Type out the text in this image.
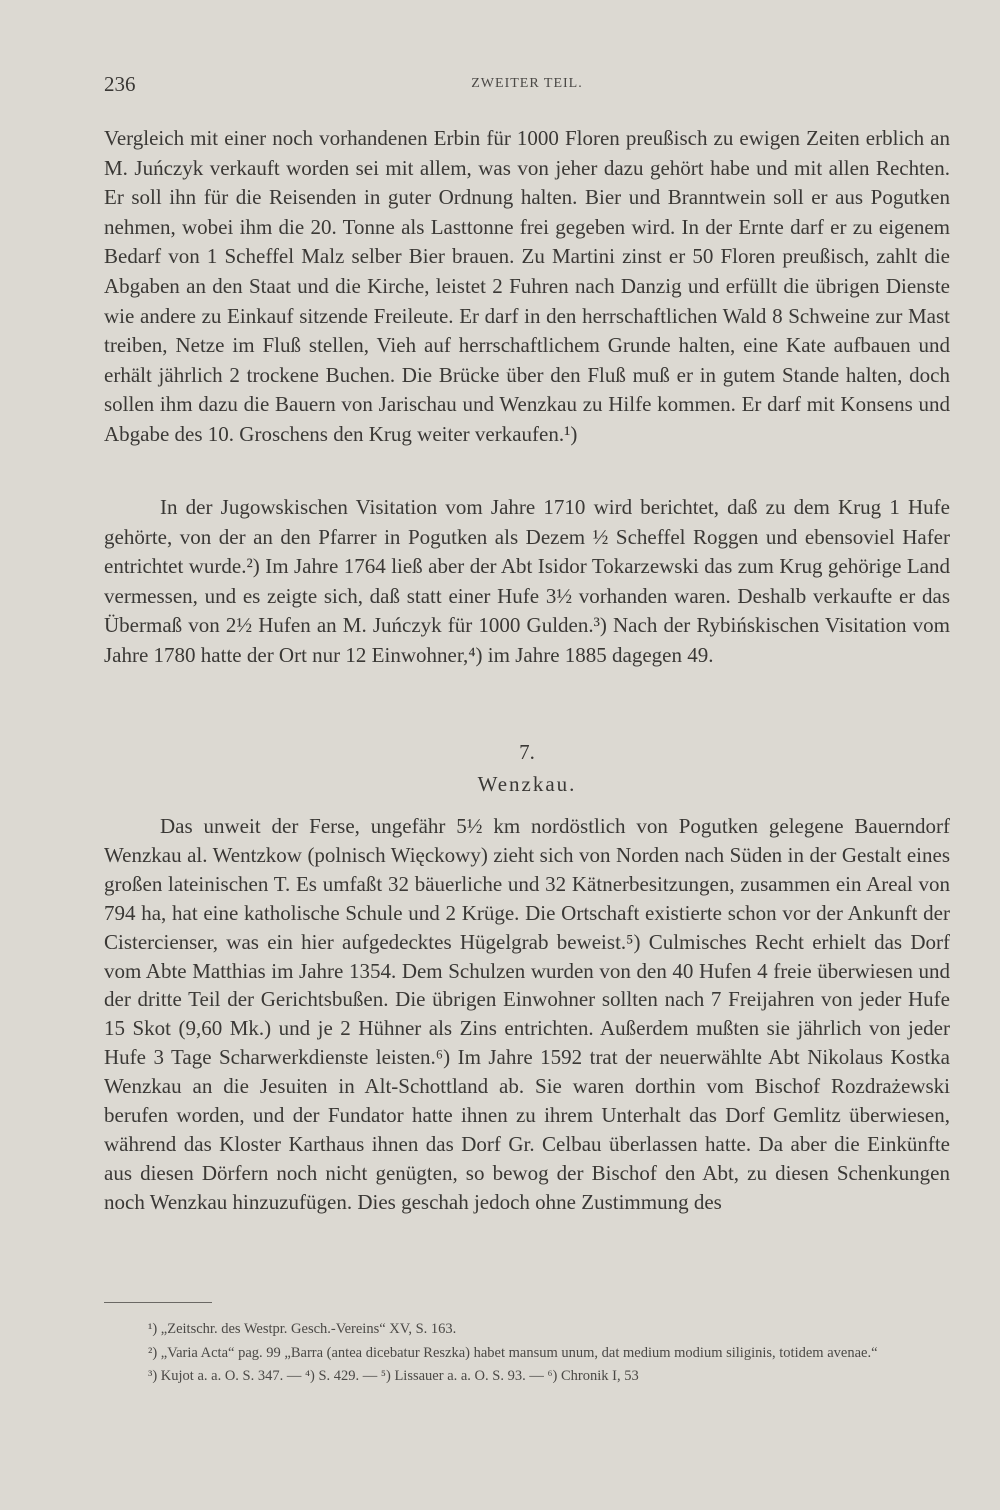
236	ZWEITER TEIL.

Vergleich mit einer noch vorhandenen Erbin für 1000 Floren preußisch zu ewigen Zeiten erblich an M. Juńczyk verkauft worden sei mit allem, was von jeher dazu gehört habe und mit allen Rechten. Er soll ihn für die Reisenden in guter Ordnung halten. Bier und Branntwein soll er aus Pogutken nehmen, wobei ihm die 20. Tonne als Lasttonne frei gegeben wird. In der Ernte darf er zu eigenem Bedarf von 1 Scheffel Malz selber Bier brauen. Zu Martini zinst er 50 Floren preußisch, zahlt die Abgaben an den Staat und die Kirche, leistet 2 Fuhren nach Danzig und erfüllt die übrigen Dienste wie andere zu Einkauf sitzende Freileute. Er darf in den herrschaftlichen Wald 8 Schweine zur Mast treiben, Netze im Fluß stellen, Vieh auf herrschaftlichem Grunde halten, eine Kate aufbauen und erhält jährlich 2 trockene Buchen. Die Brücke über den Fluß muß er in gutem Stande halten, doch sollen ihm dazu die Bauern von Jarischau und Wenzkau zu Hilfe kommen. Er darf mit Konsens und Abgabe des 10. Groschens den Krug weiter verkaufen.¹)

In der Jugowskischen Visitation vom Jahre 1710 wird berichtet, daß zu dem Krug 1 Hufe gehörte, von der an den Pfarrer in Pogutken als Dezem ½ Scheffel Roggen und ebensoviel Hafer entrichtet wurde.²) Im Jahre 1764 ließ aber der Abt Isidor Tokarzewski das zum Krug gehörige Land vermessen, und es zeigte sich, daß statt einer Hufe 3½ vorhanden waren. Deshalb verkaufte er das Übermaß von 2½ Hufen an M. Juńczyk für 1000 Gulden.³) Nach der Rybińskischen Visitation vom Jahre 1780 hatte der Ort nur 12 Einwohner,⁴) im Jahre 1885 dagegen 49.

7.
Wenzkau.

Das unweit der Ferse, ungefähr 5½ km nordöstlich von Pogutken gelegene Bauerndorf Wenzkau al. Wentzkow (polnisch Więckowy) zieht sich von Norden nach Süden in der Gestalt eines großen lateinischen T. Es umfaßt 32 bäuerliche und 32 Kätnerbesitzungen, zusammen ein Areal von 794 ha, hat eine katholische Schule und 2 Krüge. Die Ortschaft existierte schon vor der Ankunft der Cistercienser, was ein hier aufgedecktes Hügelgrab beweist.⁵) Culmisches Recht erhielt das Dorf vom Abte Matthias im Jahre 1354. Dem Schulzen wurden von den 40 Hufen 4 freie überwiesen und der dritte Teil der Gerichtsbußen. Die übrigen Einwohner sollten nach 7 Freijahren von jeder Hufe 15 Skot (9,60 Mk.) und je 2 Hühner als Zins entrichten. Außerdem mußten sie jährlich von jeder Hufe 3 Tage Scharwerkdienste leisten.⁶) Im Jahre 1592 trat der neuerwählte Abt Nikolaus Kostka Wenzkau an die Jesuiten in Alt-Schottland ab. Sie waren dorthin vom Bischof Rozdrażewski berufen worden, und der Fundator hatte ihnen zu ihrem Unterhalt das Dorf Gemlitz überwiesen, während das Kloster Karthaus ihnen das Dorf Gr. Celbau überlassen hatte. Da aber die Einkünfte aus diesen Dörfern noch nicht genügten, so bewog der Bischof den Abt, zu diesen Schenkungen noch Wenzkau hinzuzufügen. Dies geschah jedoch ohne Zustimmung des

¹) „Zeitschr. des Westpr. Gesch.-Vereins“ XV, S. 163.

²) „Varia Acta“ pag. 99 „Barra (antea dicebatur Reszka) habet mansum unum, dat medium modium siliginis, totidem avenae.“

³) Kujot a. a. O. S. 347. — ⁴) S. 429. — ⁵) Lissauer a. a. O. S. 93. — ⁶) Chronik I, 53
